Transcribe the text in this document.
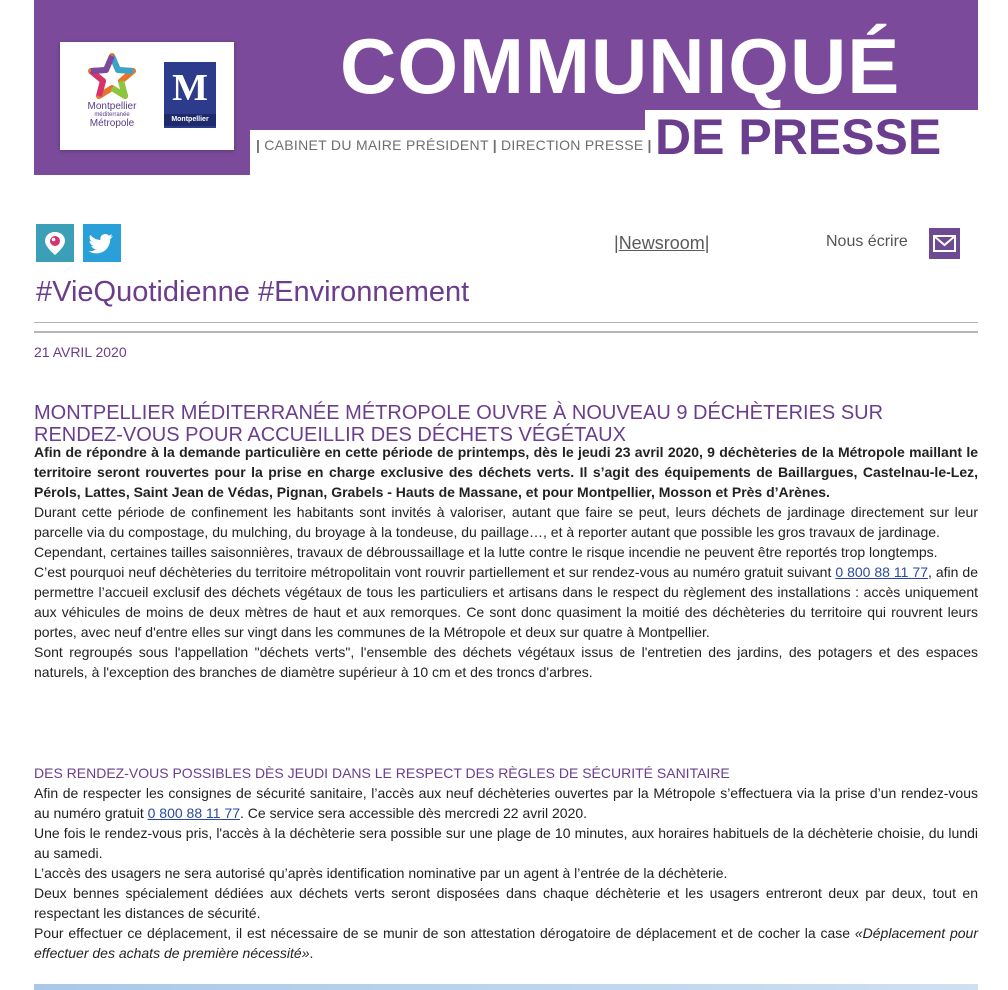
Montpellier
méditerranée
Métropole
M
Montpellier
COMMUNIQUÉ
DE PRESSE
| CABINET DU MAIRE PRÉSIDENT | DIRECTION PRESSE |
|Newsroom|	Nous écrire
#VieQuotidienne #Environnement
21 AVRIL 2020
MONTPELLIER MÉDITERRANÉE MÉTROPOLE OUVRE À NOUVEAU 9 DÉCHÈTERIES SUR RENDEZ-VOUS POUR ACCUEILLIR DES DÉCHETS VÉGÉTAUX

Afin de répondre à la demande particulière en cette période de printemps, dès le jeudi 23 avril 2020, 9 déchèteries de la Métropole maillant le territoire seront rouvertes pour la prise en charge exclusive des déchets verts. Il s’agit des équipements de Baillargues, Castelnau-le-Lez, Pérols, Lattes, Saint Jean de Védas, Pignan, Grabels - Hauts de Massane, et pour Montpellier, Mosson et Près d’Arènes.

Durant cette période de confinement les habitants sont invités à valoriser, autant que faire se peut, leurs déchets de jardinage directement sur leur parcelle via du compostage, du mulching, du broyage à la tondeuse, du paillage…, et à reporter autant que possible les gros travaux de jardinage.

Cependant, certaines tailles saisonnières, travaux de débroussaillage et la lutte contre le risque incendie ne peuvent être reportés trop longtemps.

C’est pourquoi neuf déchèteries du territoire métropolitain vont rouvrir partiellement et sur rendez-vous au numéro gratuit suivant 0 800 88 11 77, afin de permettre l’accueil exclusif des déchets végétaux de tous les particuliers et artisans dans le respect du règlement des installations : accès uniquement aux véhicules de moins de deux mètres de haut et aux remorques. Ce sont donc quasiment la moitié des déchèteries du territoire qui rouvrent leurs portes, avec neuf d'entre elles sur vingt dans les communes de la Métropole et deux sur quatre à Montpellier.

Sont regroupés sous l'appellation "déchets verts", l'ensemble des déchets végétaux issus de l'entretien des jardins, des potagers et des espaces naturels, à l'exception des branches de diamètre supérieur à 10 cm et des troncs d'arbres.

DES RENDEZ-VOUS POSSIBLES DÈS JEUDI DANS LE RESPECT DES RÈGLES DE SÉCURITÉ SANITAIRE

Afin de respecter les consignes de sécurité sanitaire, l’accès aux neuf déchèteries ouvertes par la Métropole s’effectuera via la prise d’un rendez-vous au numéro gratuit 0 800 88 11 77. Ce service sera accessible dès mercredi 22 avril 2020.

Une fois le rendez-vous pris, l'accès à la déchèterie sera possible sur une plage de 10 minutes, aux horaires habituels de la déchèterie choisie, du lundi au samedi.

L’accès des usagers ne sera autorisé qu’après identification nominative par un agent à l’entrée de la déchèterie.

Deux bennes spécialement dédiées aux déchets verts seront disposées dans chaque déchèterie et les usagers entreront deux par deux, tout en respectant les distances de sécurité.

Pour effectuer ce déplacement, il est nécessaire de se munir de son attestation dérogatoire de déplacement et de cocher la case «Déplacement pour effectuer des achats de première nécessité».
